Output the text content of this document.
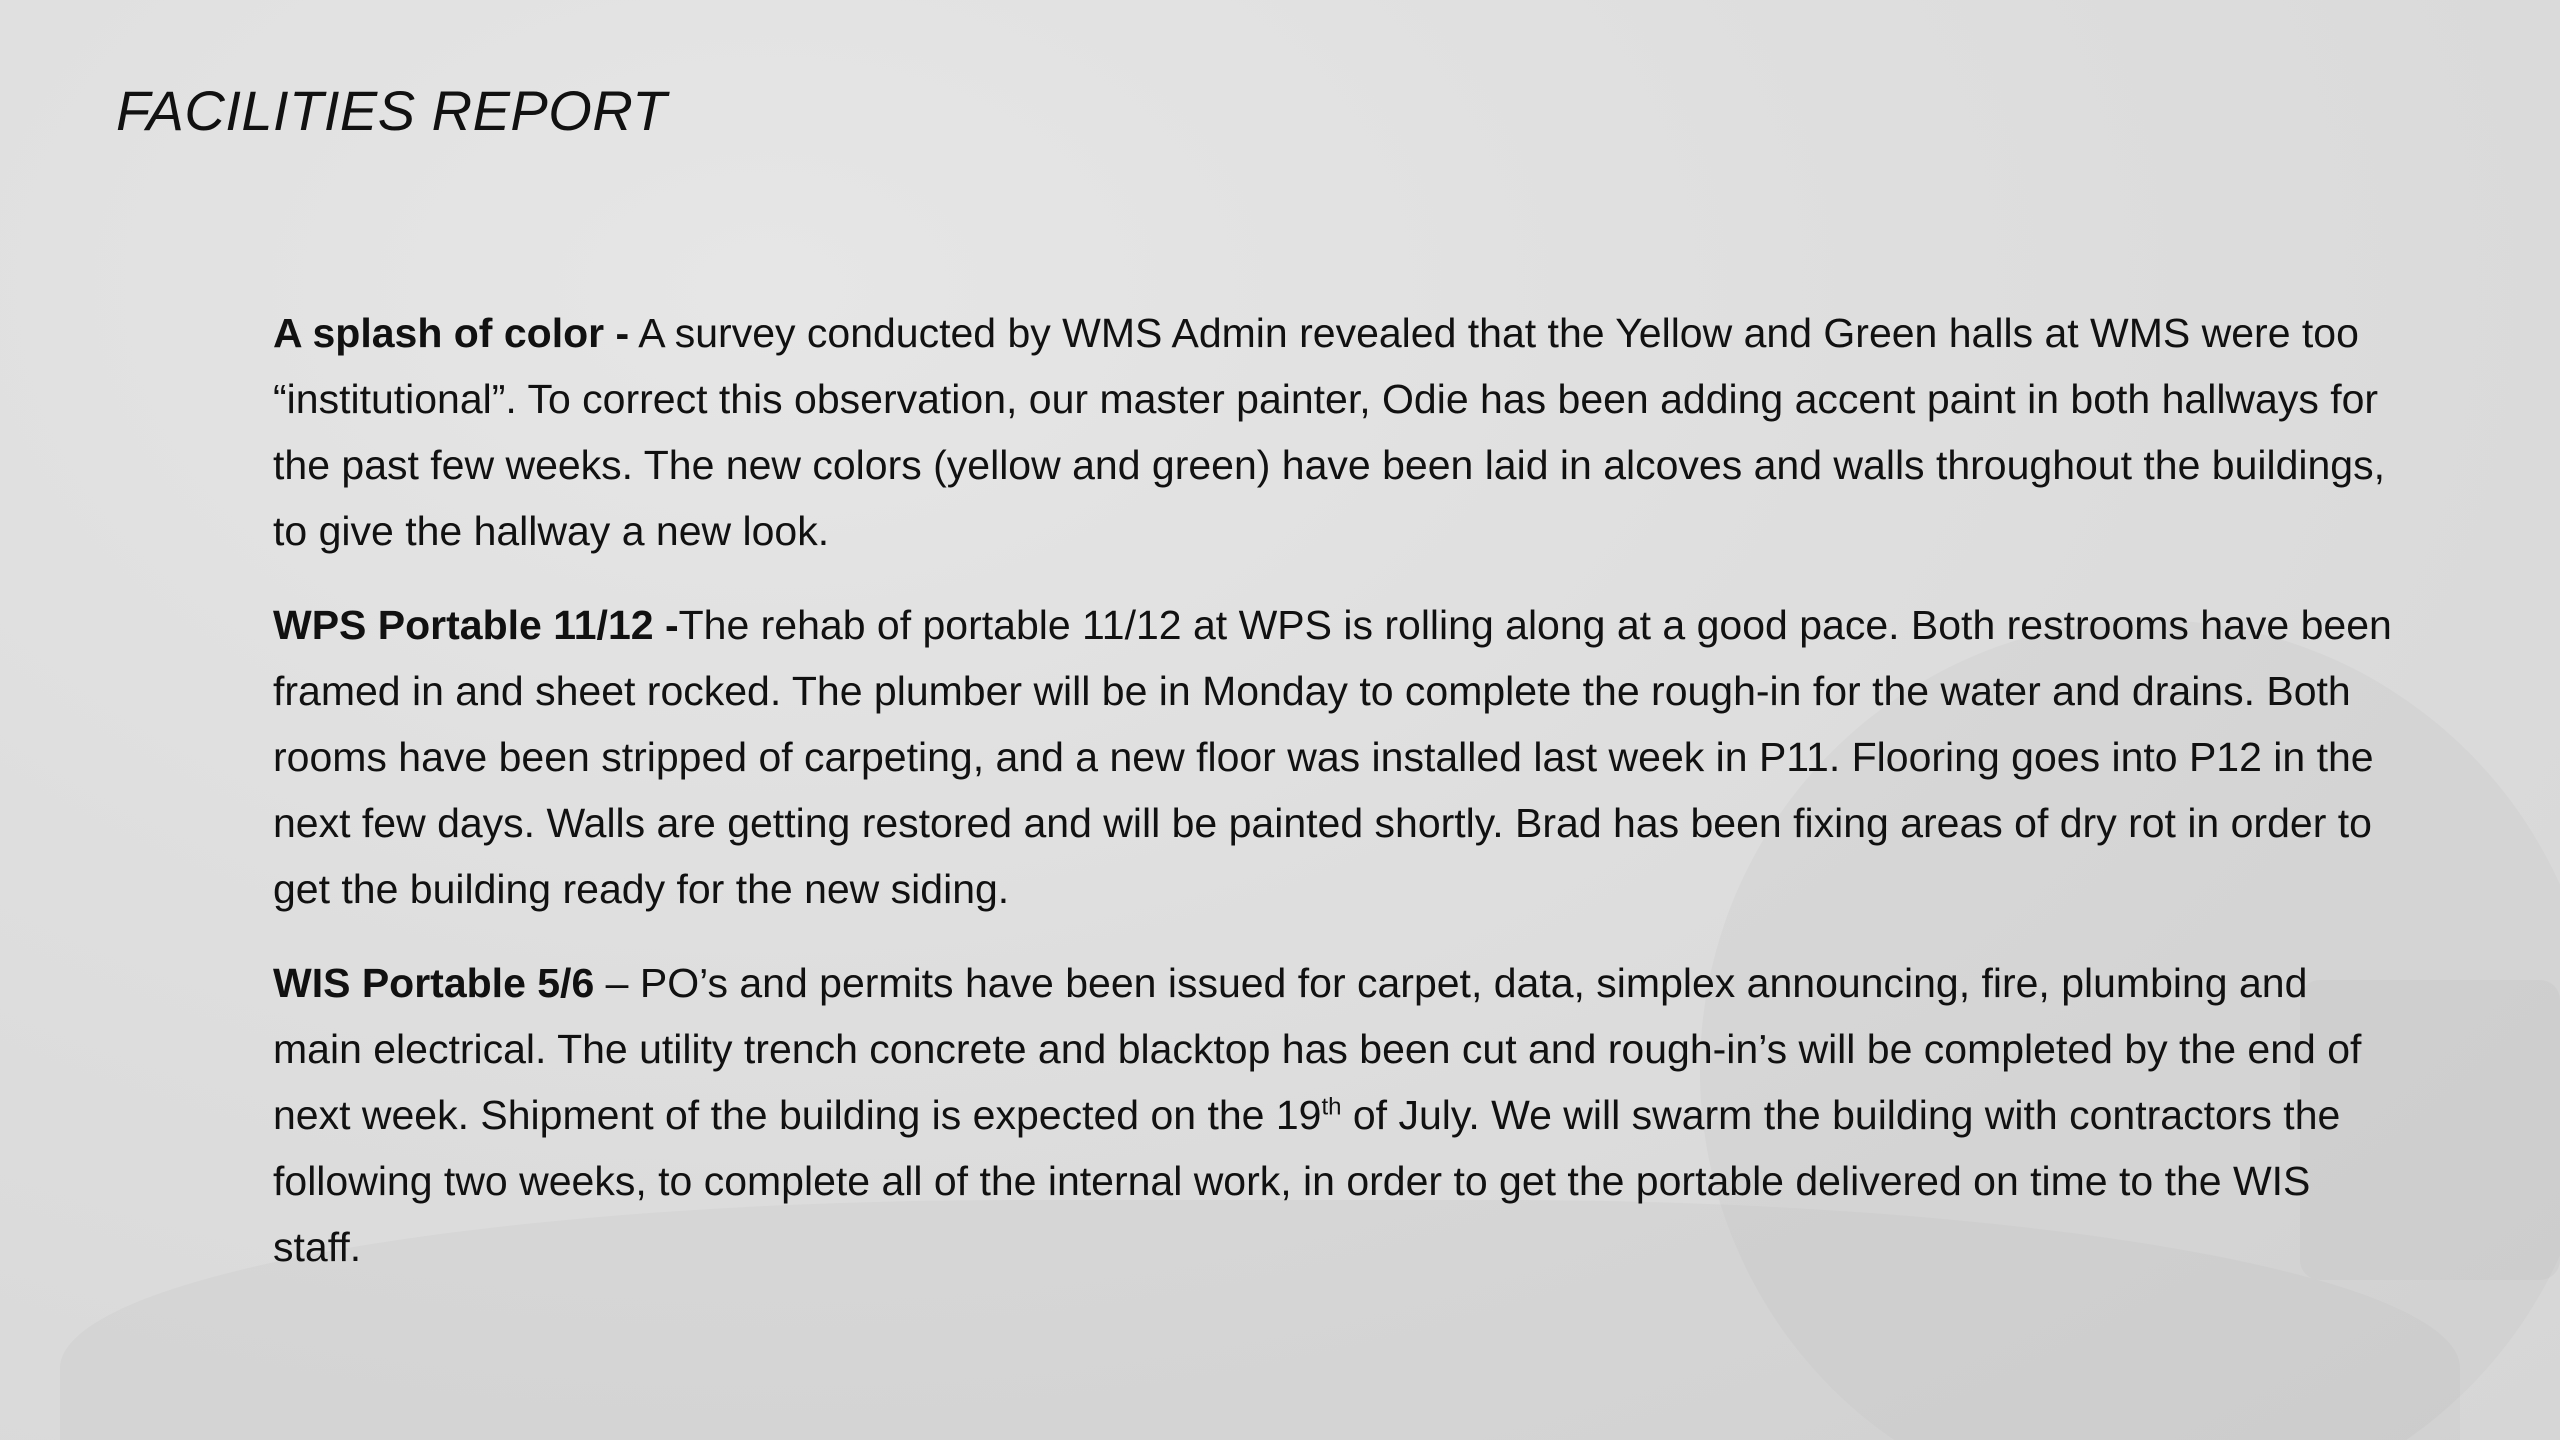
FACILITIES REPORT

A splash of color - A survey conducted by WMS Admin revealed that the Yellow and Green halls at WMS were too “institutional”. To correct this observation, our master painter, Odie has been adding accent paint in both hallways for the past few weeks. The new colors (yellow and green) have been laid in alcoves and walls throughout the buildings, to give the hallway a new look.

WPS Portable 11/12 -The rehab of portable 11/12 at WPS is rolling along at a good pace. Both restrooms have been framed in and sheet rocked. The plumber will be in Monday to complete the rough-in for the water and drains. Both rooms have been stripped of carpeting, and a new floor was installed last week in P11. Flooring goes into P12 in the next few days. Walls are getting restored and will be painted shortly. Brad has been fixing areas of dry rot in order to get the building ready for the new siding.

WIS Portable 5/6 – PO’s and permits have been issued for carpet, data, simplex announcing, fire, plumbing and main electrical. The utility trench concrete and blacktop has been cut and rough-in’s will be completed by the end of next week. Shipment of the building is expected on the 19th of July. We will swarm the building with contractors the following two weeks, to complete all of the internal work, in order to get the portable delivered on time to the WIS staff.
